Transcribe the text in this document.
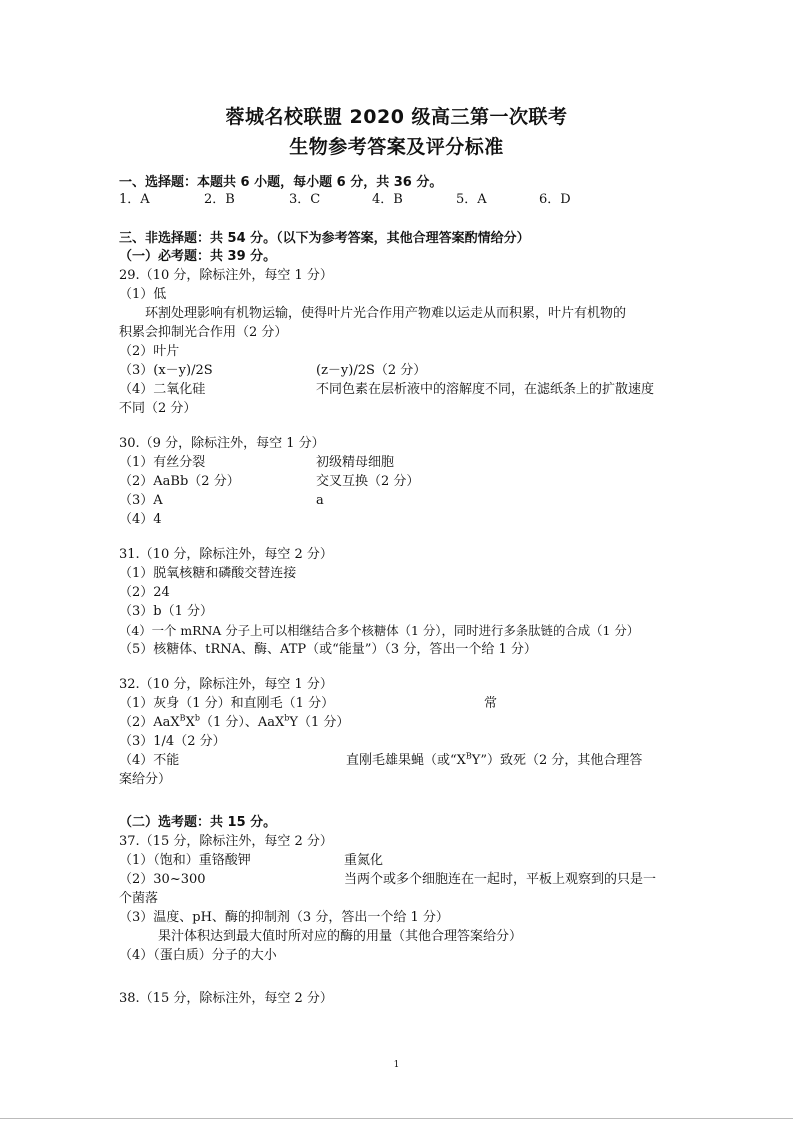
蓉城名校联盟 2020 级高三第一次联考
生物参考答案及评分标准
一、选择题：本题共 6 小题，每小题 6 分，共 36 分。
1．A	2．B	3．C	4．B	5．A	6．D
三、非选择题：共 54 分。（以下为参考答案，其他合理答案酌情给分）
（一）必考题：共 39 分。
29.（10 分，除标注外，每空 1 分）
（1）低
环割处理影响有机物运输，使得叶片光合作用产物难以运走从而积累，叶片有机物的
积累会抑制光合作用（2 分）
（2）叶片
（3）(x－y)/2S	(z－y)/2S（2 分）
（4）二氧化硅	不同色素在层析液中的溶解度不同，在滤纸条上的扩散速度
不同（2 分）
30.（9 分，除标注外，每空 1 分）
（1）有丝分裂	初级精母细胞
（2）AaBb（2 分）	交叉互换（2 分）
（3）A	a
（4）4
31.（10 分，除标注外，每空 2 分）
（1）脱氧核糖和磷酸交替连接
（2）24
（3）b（1 分）
（4）一个 mRNA 分子上可以相继结合多个核糖体（1 分），同时进行多条肽链的合成（1 分）
（5）核糖体、tRNA、酶、ATP（或“能量”）（3 分，答出一个给 1 分）
32.（10 分，除标注外，每空 1 分）
（1）灰身（1 分）和直刚毛（1 分）	常
$(2)AaX^BX^b(1$ 分）、AaX$^b$Y（1 分）
（3）1/4（2 分）
（4）不能	直刚毛雄果蝇（或“$X^BY$”）致死（2 分，其他合理答
案给分）
（二）选考题：共 15 分。
37.（15 分，除标注外，每空 2 分）
（1）（饱和）重铬酸钾	重氮化
（2）30~300	当两个或多个细胞连在一起时，平板上观察到的只是一
个菌落
（3）温度、pH、酶的抑制剂（3 分，答出一个给 1 分）
果汁体积达到最大值时所对应的酶的用量（其他合理答案给分）
（4）（蛋白质）分子的大小
38.（15 分，除标注外，每空 2 分）
1
